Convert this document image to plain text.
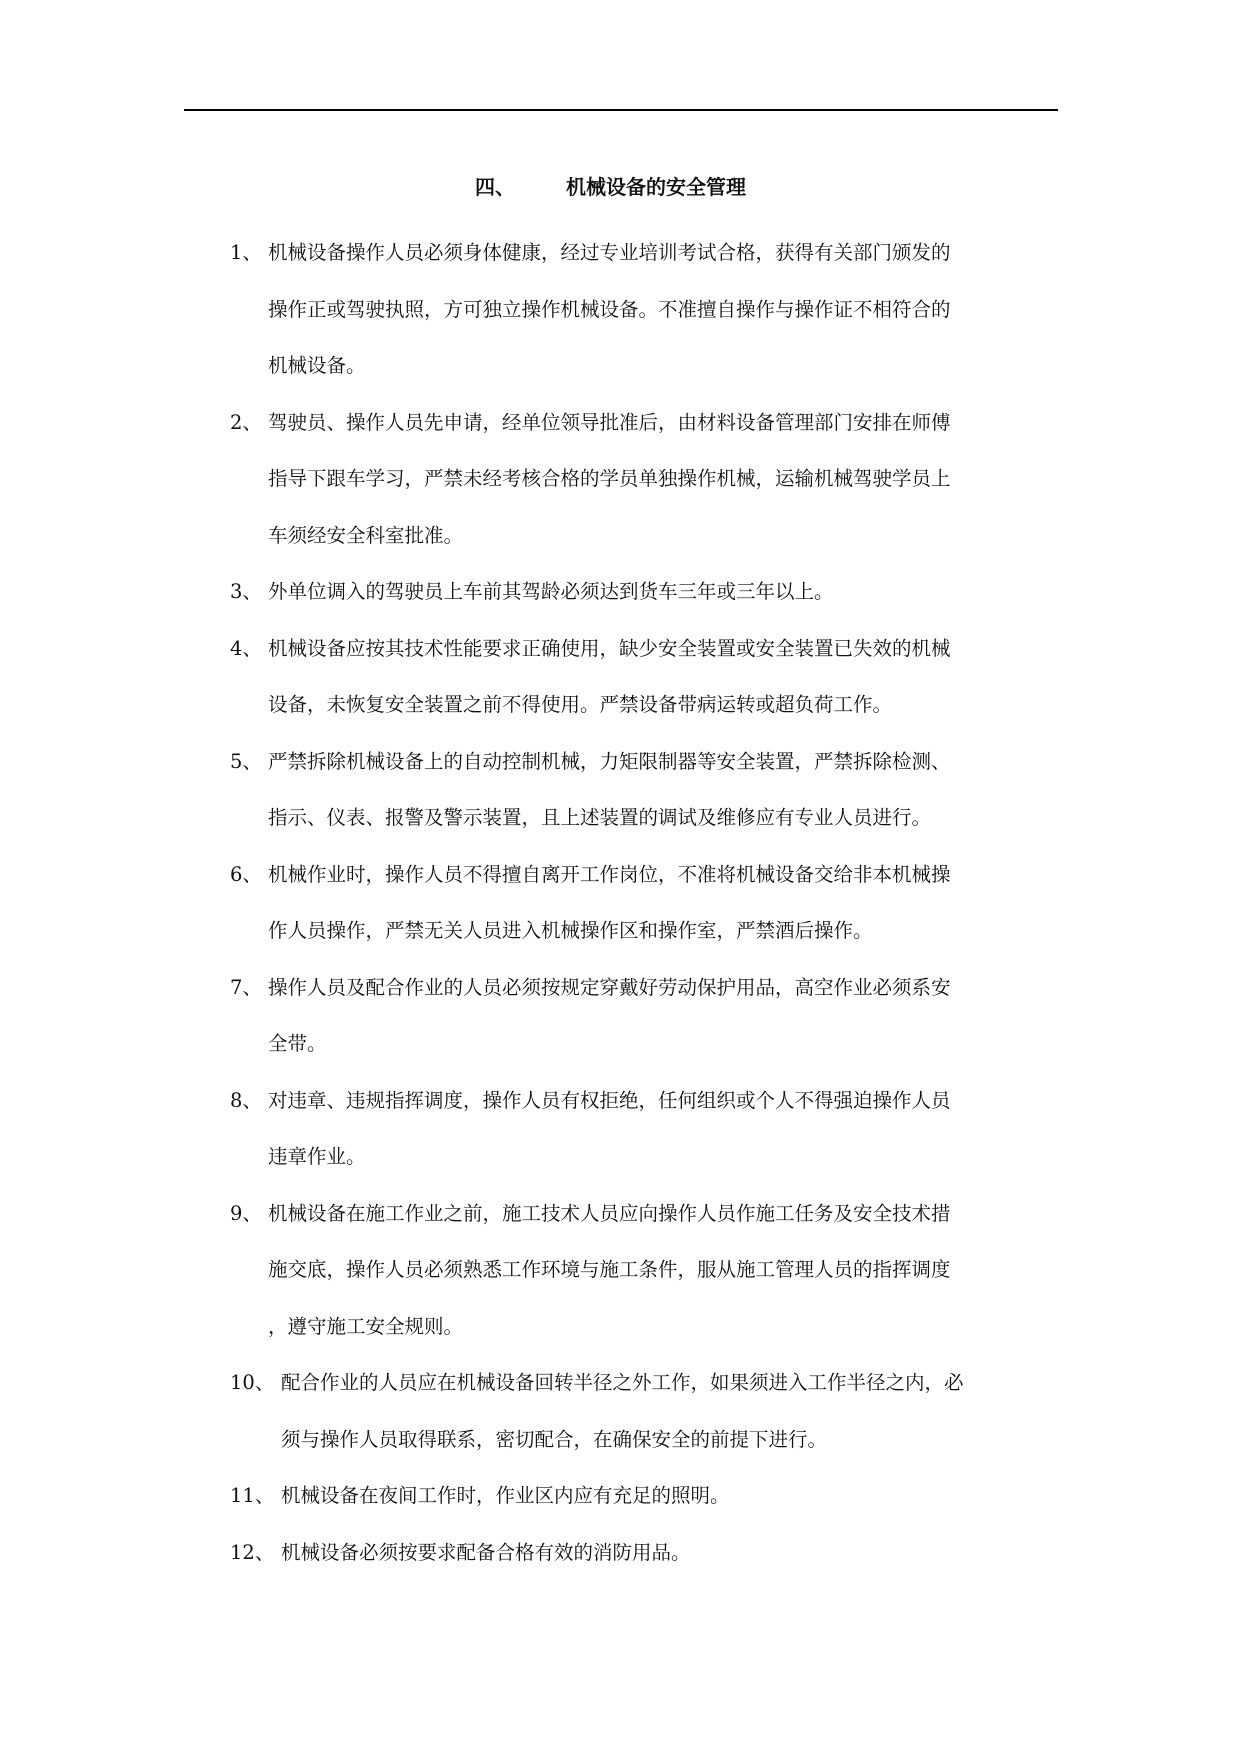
四、	机械设备的安全管理
1、 机械设备操作人员必须身体健康，经过专业培训考试合格，获得有关部门颁发的
操作正或驾驶执照，方可独立操作机械设备。不准擅自操作与操作证不相符合的
机械设备。
2、 驾驶员、操作人员先申请，经单位领导批准后，由材料设备管理部门安排在师傅
指导下跟车学习，严禁未经考核合格的学员单独操作机械，运输机械驾驶学员上
车须经安全科室批准。
3、 外单位调入的驾驶员上车前其驾龄必须达到货车三年或三年以上。
4、 机械设备应按其技术性能要求正确使用，缺少安全装置或安全装置已失效的机械
设备，未恢复安全装置之前不得使用。严禁设备带病运转或超负荷工作。
5、 严禁拆除机械设备上的自动控制机械，力矩限制器等安全装置，严禁拆除检测、
指示、仪表、报警及警示装置，且上述装置的调试及维修应有专业人员进行。
6、 机械作业时，操作人员不得擅自离开工作岗位，不准将机械设备交给非本机械操
作人员操作，严禁无关人员进入机械操作区和操作室，严禁酒后操作。
7、 操作人员及配合作业的人员必须按规定穿戴好劳动保护用品，高空作业必须系安
全带。
8、 对违章、违规指挥调度，操作人员有权拒绝，任何组织或个人不得强迫操作人员
违章作业。
9、 机械设备在施工作业之前，施工技术人员应向操作人员作施工任务及安全技术措
施交底，操作人员必须熟悉工作环境与施工条件，服从施工管理人员的指挥调度
，遵守施工安全规则。
10、 配合作业的人员应在机械设备回转半径之外工作，如果须进入工作半径之内，必
须与操作人员取得联系，密切配合，在确保安全的前提下进行。
11、 机械设备在夜间工作时，作业区内应有充足的照明。
12、 机械设备必须按要求配备合格有效的消防用品。
